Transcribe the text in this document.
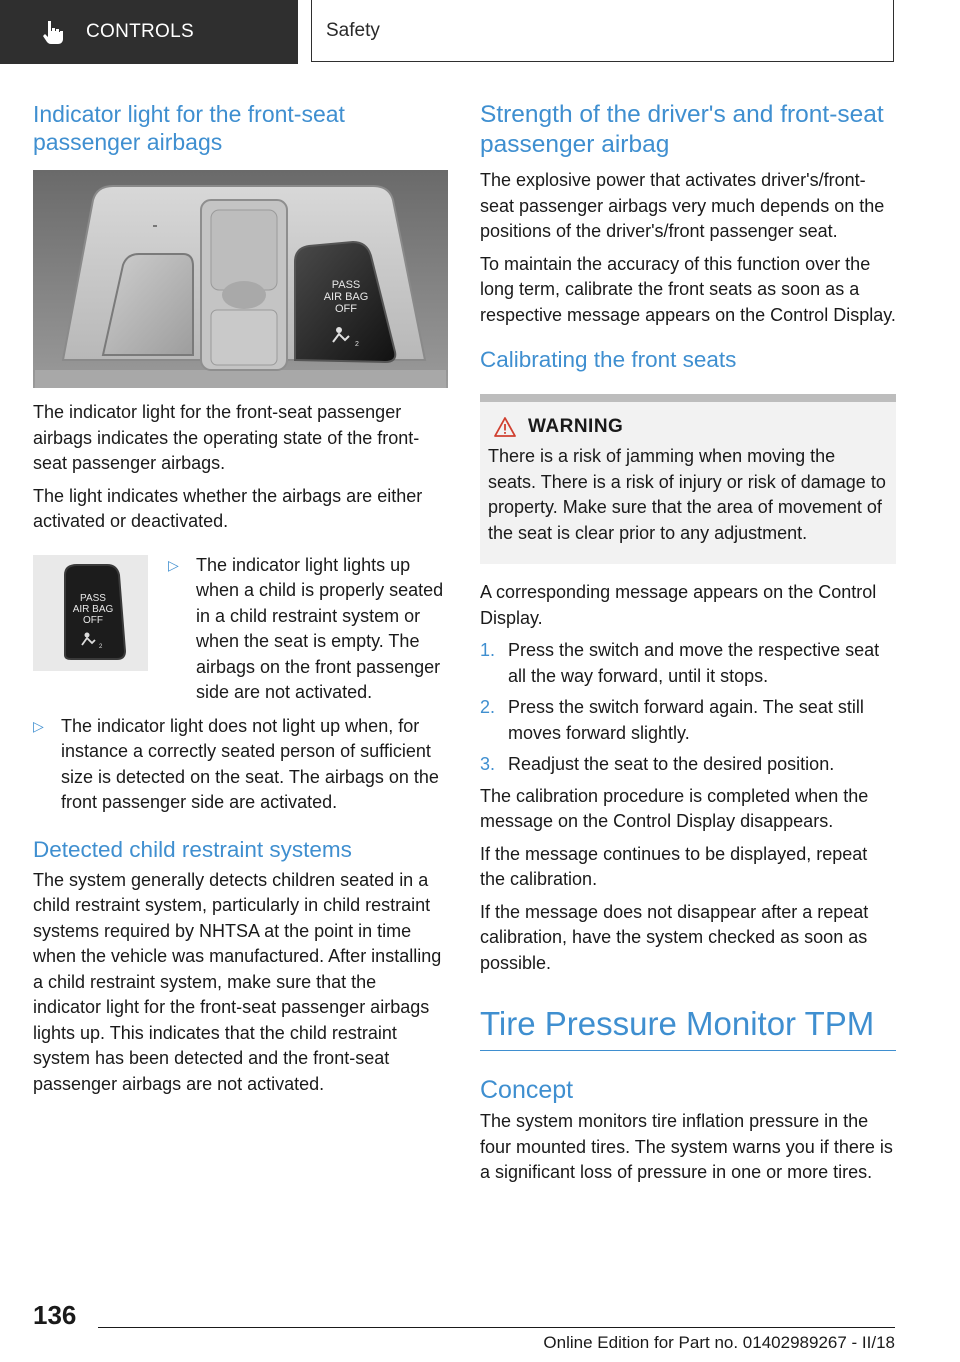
CONTROLS	Safety
Indicator light for the front-seat passenger airbags
PASS
AIR BAG
OFF
2

The indicator light for the front-seat passenger airbags indicates the operating state of the front-seat passenger airbags.

The light indicates whether the airbags are either activated or deactivated.

PASS
AIR BAG
OFF
2
▷ The indicator light lights up when a child is properly seated in a child restraint system or when the seat is empty. The airbags on the front passenger side are not activated.
▷ The indicator light does not light up when, for instance a correctly seated person of sufficient size is detected on the seat. The airbags on the front passenger side are activated.
Detected child restraint systems

The system generally detects children seated in a child restraint system, particularly in child restraint systems required by NHTSA at the point in time when the vehicle was manufactured. After installing a child restraint system, make sure that the indicator light for the front-seat passenger airbags lights up. This indicates that the child restraint system has been detected and the front-seat passenger airbags are not activated.

Strength of the driver's and front-seat passenger airbag

The explosive power that activates driver's/front-seat passenger airbags very much depends on the positions of the driver's/front passenger seat.

To maintain the accuracy of this function over the long term, calibrate the front seats as soon as a respective message appears on the Control Display.

Calibrating the front seats
WARNING

There is a risk of jamming when moving the seats. There is a risk of injury or risk of damage to property. Make sure that the area of movement of the seat is clear prior to any adjustment.

A corresponding message appears on the Control Display.

1. Press the switch and move the respective seat all the way forward, until it stops.
2. Press the switch forward again. The seat still moves forward slightly.
3. Readjust the seat to the desired position.

The calibration procedure is completed when the message on the Control Display disappears.

If the message continues to be displayed, repeat the calibration.

If the message does not disappear after a repeat calibration, have the system checked as soon as possible.

Tire Pressure Monitor TPM
Concept

The system monitors tire inflation pressure in the four mounted tires. The system warns you if there is a significant loss of pressure in one or more tires.

136
Online Edition for Part no. 01402989267 - II/18
